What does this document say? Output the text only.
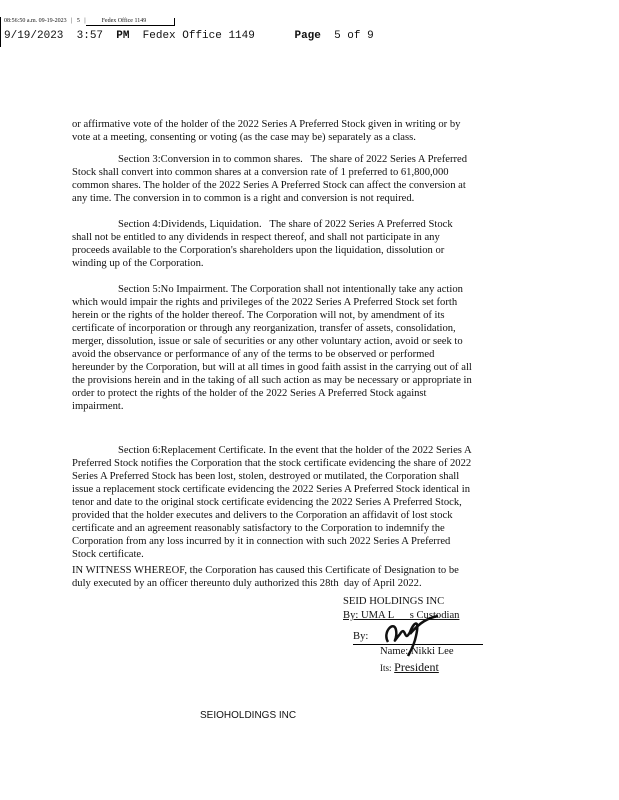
08:56:50 a.m. 09-19-2023   |   5   |	Fedex Office 1149
9/19/2023 3:57 PM Fedex Office 1149	Page 5 of 9
or affirmative vote of the holder of the 2022 Series A Preferred Stock given in writing or by
vote at a meeting, consenting or voting (as the case may be) separately as a class.
Section 3:Conversion in to common shares.   The share of 2022 Series A Preferred
Stock shall convert into common shares at a conversion rate of 1 preferred to 61,800,000
common shares. The holder of the 2022 Series A Preferred Stock can affect the conversion at
any time. The conversion in to common is a right and conversion is not required.
Section 4:Dividends, Liquidation.   The share of 2022 Series A Preferred Stock
shall not be entitled to any dividends in respect thereof, and shall not participate in any
proceeds available to the Corporation's shareholders upon the liquidation, dissolution or
winding up of the Corporation.
Section 5:No Impairment. The Corporation shall not intentionally take any action
which would impair the rights and privileges of the 2022 Series A Preferred Stock set forth
herein or the rights of the holder thereof. The Corporation will not, by amendment of its
certificate of incorporation or through any reorganization, transfer of assets, consolidation,
merger, dissolution, issue or sale of securities or any other voluntary action, avoid or seek to
avoid the observance or performance of any of the terms to be observed or performed
hereunder by the Corporation, but will at all times in good faith assist in the carrying out of all
the provisions herein and in the taking of all such action as may be necessary or appropriate in
order to protect the rights of the holder of the 2022 Series A Preferred Stock against
impairment.
Section 6:Replacement Certificate. In the event that the holder of the 2022 Series A
Preferred Stock notifies the Corporation that the stock certificate evidencing the share of 2022
Series A Preferred Stock has been lost, stolen, destroyed or mutilated, the Corporation shall
issue a replacement stock certificate evidencing the 2022 Series A Preferred Stock identical in
tenor and date to the original stock certificate evidencing the 2022 Series A Preferred Stock,
provided that the holder executes and delivers to the Corporation an affidavit of lost stock
certificate and an agreement reasonably satisfactory to the Corporation to indemnify the
Corporation from any loss incurred by it in connection with such 2022 Series A Preferred
Stock certificate.
IN WITNESS WHEREOF, the Corporation has caused this Certificate of Designation to be
duly executed by an officer thereunto duly authorized this 28th  day of April 2022.
SEID HOLDINGS INC
By: UMA L      s Custodian
By:
Name: Nikki Lee
Its: President
SEIOHOLDINGS INC
